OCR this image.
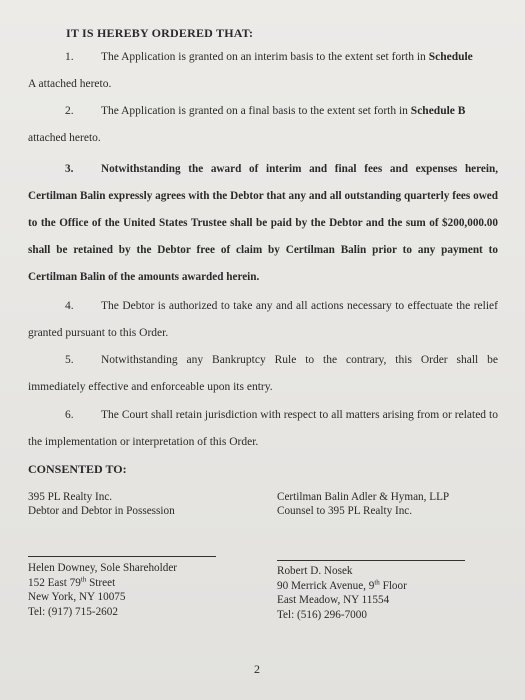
IT IS HEREBY ORDERED THAT:
1. The Application is granted on an interim basis to the extent set forth in Schedule
A attached hereto.
2. The Application is granted on a final basis to the extent set forth in Schedule B
attached hereto.
3. Notwithstanding the award of interim and final fees and expenses herein, Certilman Balin expressly agrees with the Debtor that any and all outstanding quarterly fees owed to the Office of the United States Trustee shall be paid by the Debtor and the sum of $200,000.00 shall be retained by the Debtor free of claim by Certilman Balin prior to any payment to Certilman Balin of the amounts awarded herein.
4. The Debtor is authorized to take any and all actions necessary to effectuate the relief granted pursuant to this Order.
5. Notwithstanding any Bankruptcy Rule to the contrary, this Order shall be immediately effective and enforceable upon its entry.
6. The Court shall retain jurisdiction with respect to all matters arising from or related to the implementation or interpretation of this Order.
CONSENTED TO:
395 PL Realty Inc.
Debtor and Debtor in Possession
Certilman Balin Adler & Hyman, LLP
Counsel to 395 PL Realty Inc.
Helen Downey, Sole Shareholder
152 East 79th Street
New York, NY 10075
Tel: (917) 715-2602
Robert D. Nosek
90 Merrick Avenue, 9th Floor
East Meadow, NY 11554
Tel: (516) 296-7000
2
